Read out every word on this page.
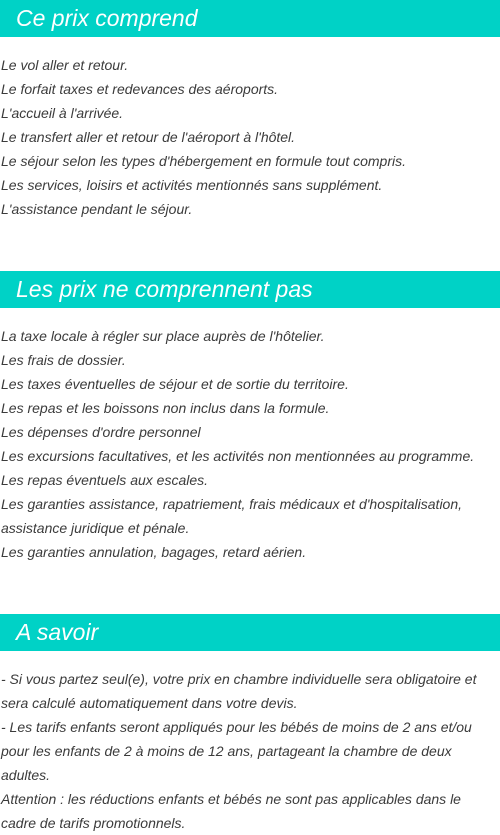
Ce prix comprend
Le vol aller et retour.
Le forfait taxes et redevances des aéroports.
L'accueil à l'arrivée.
Le transfert aller et retour de l'aéroport à l'hôtel.
Le séjour selon les types d'hébergement en formule tout compris.
Les services, loisirs et activités mentionnés sans supplément.
L'assistance pendant le séjour.
Les prix ne comprennent pas
La taxe locale à régler sur place auprès de l'hôtelier.
Les frais de dossier.
Les taxes éventuelles de séjour et de sortie du territoire.
Les repas et les boissons non inclus dans la formule.
Les dépenses d'ordre personnel
Les excursions facultatives, et les activités non mentionnées au programme.
Les repas éventuels aux escales.
Les garanties assistance, rapatriement, frais médicaux et d'hospitalisation, assistance juridique et pénale.
Les garanties annulation, bagages, retard aérien.
A savoir
- Si vous partez seul(e), votre prix en chambre individuelle sera obligatoire et sera calculé automatiquement dans votre devis.
- Les tarifs enfants seront appliqués pour les bébés de moins de 2 ans et/ou pour les enfants de 2 à moins de 12 ans, partageant la chambre de deux adultes.
Attention : les réductions enfants et bébés ne sont pas applicables dans le cadre de tarifs promotionnels.
